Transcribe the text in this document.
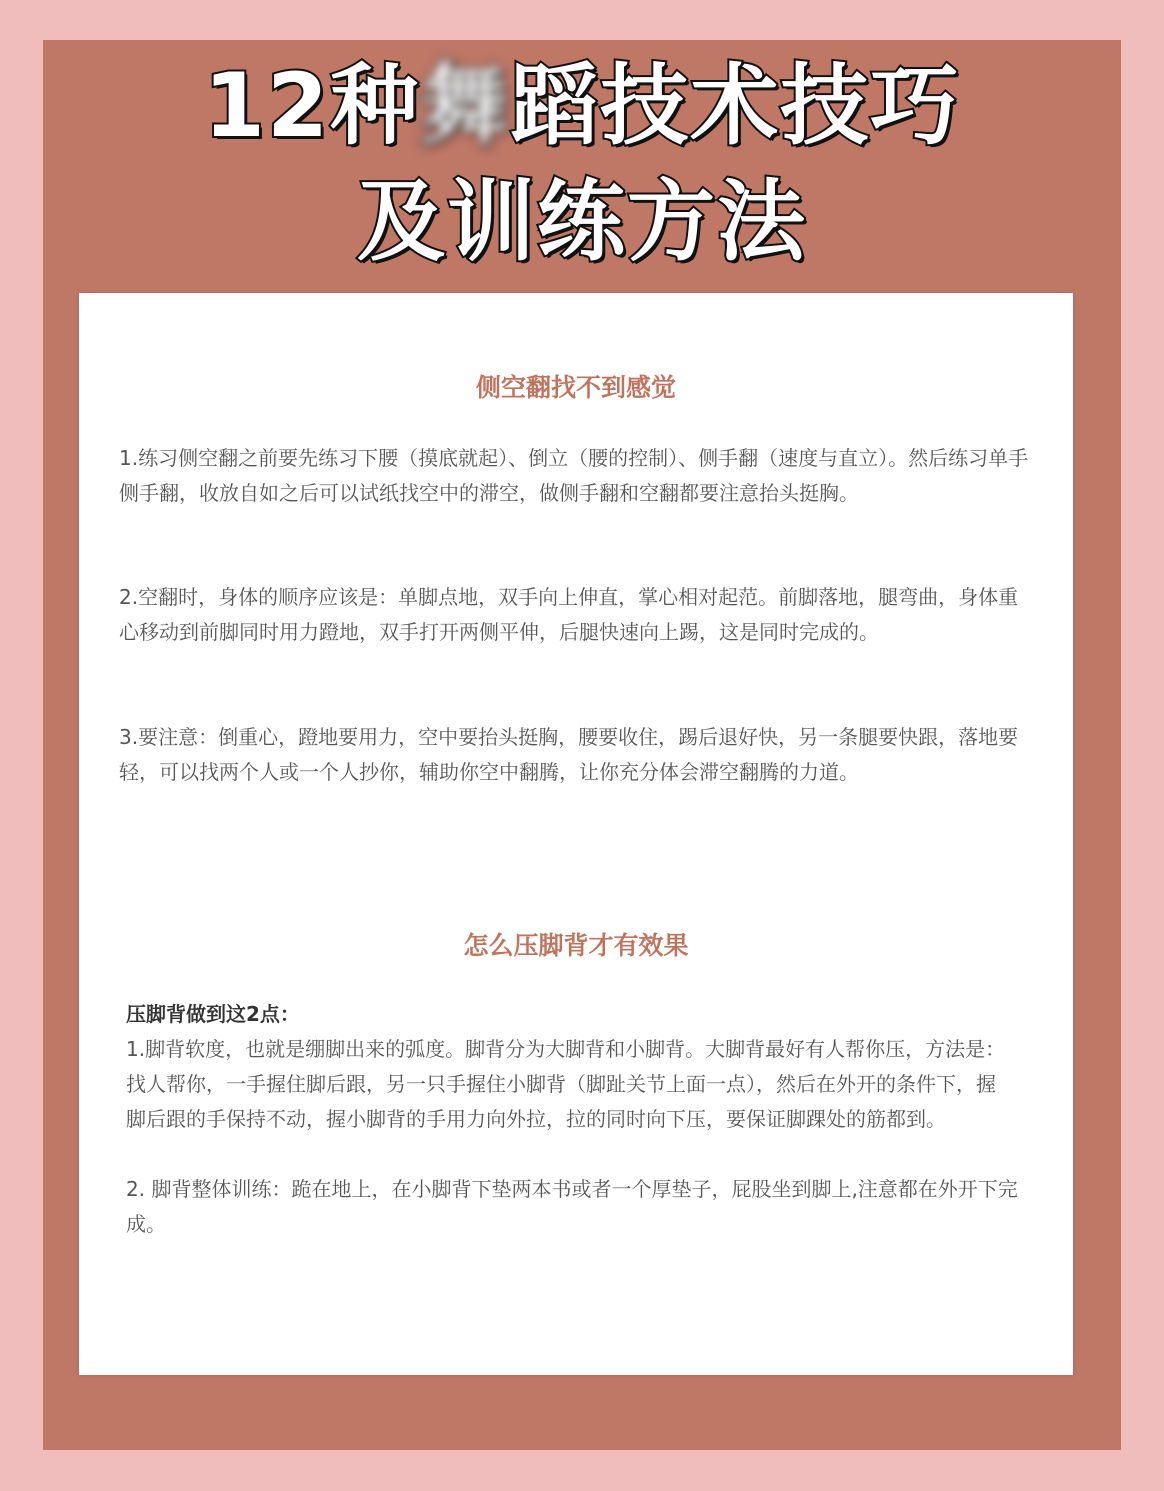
12种舞蹈技术技巧
及训练方法
侧空翻找不到感觉

1.练习侧空翻之前要先练习下腰（摸底就起）、倒立（腰的控制）、侧手翻（速度与直立）。然后练习单手侧手翻，收放自如之后可以试纸找空中的滞空，做侧手翻和空翻都要注意抬头挺胸。

2.空翻时，身体的顺序应该是：单脚点地，双手向上伸直，掌心相对起范。前脚落地，腿弯曲，身体重心移动到前脚同时用力蹬地，双手打开两侧平伸，后腿快速向上踢，这是同时完成的。

3.要注意：倒重心，蹬地要用力，空中要抬头挺胸，腰要收住，踢后退好快，另一条腿要快跟，落地要轻，可以找两个人或一个人抄你，辅助你空中翻腾，让你充分体会滞空翻腾的力道。

怎么压脚背才有效果
压脚背做到这2点：

1.脚背软度，也就是绷脚出来的弧度。脚背分为大脚背和小脚背。大脚背最好有人帮你压，方法是：找人帮你，一手握住脚后跟，另一只手握住小脚背（脚趾关节上面一点），然后在外开的条件下，握脚后跟的手保持不动，握小脚背的手用力向外拉，拉的同时向下压，要保证脚踝处的筋都到。

2. 脚背整体训练：跪在地上，在小脚背下垫两本书或者一个厚垫子，屁股坐到脚上,注意都在外开下完成。
